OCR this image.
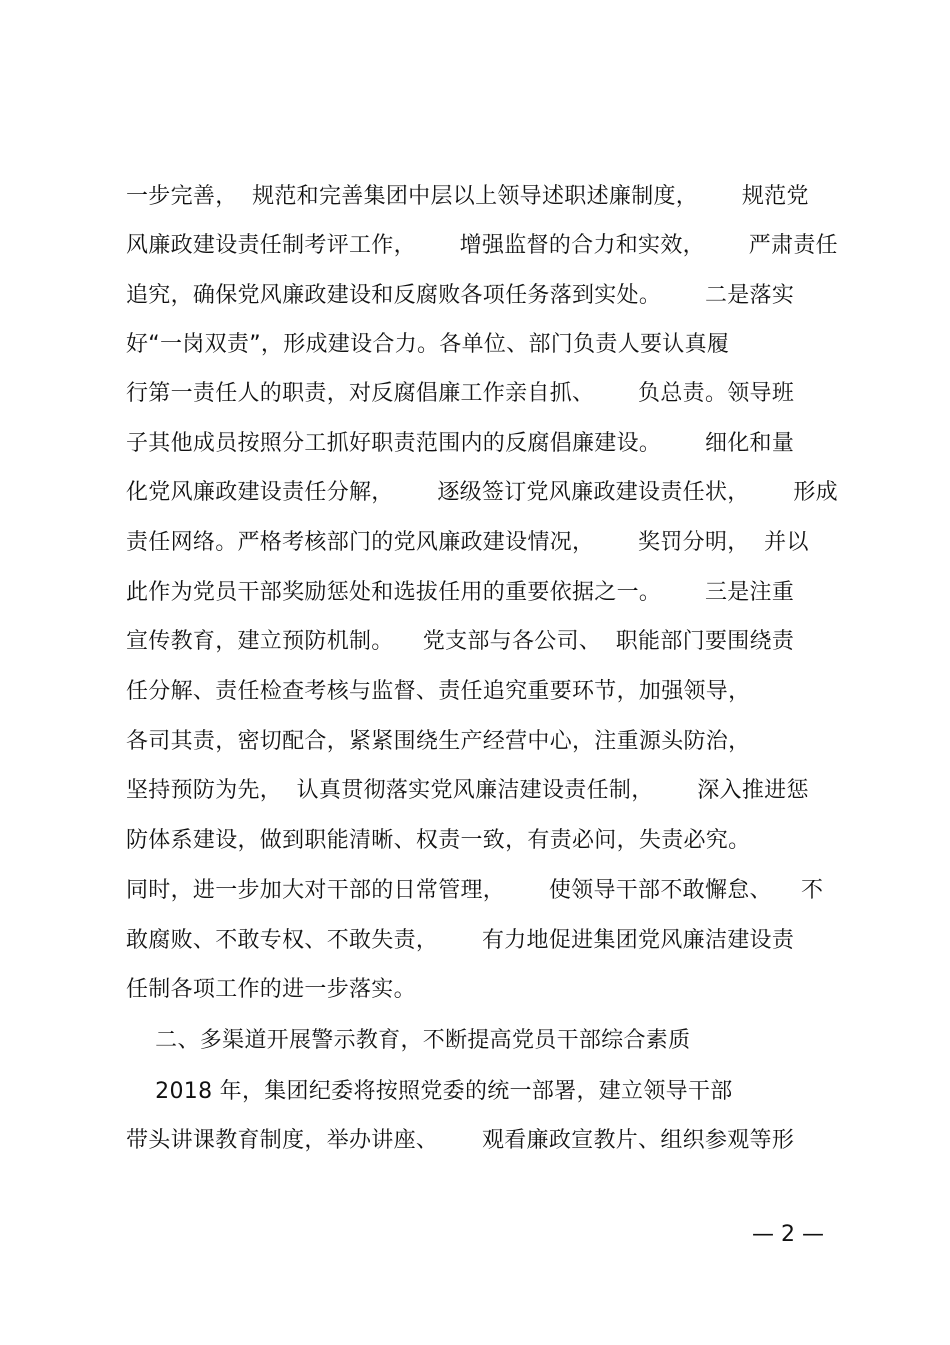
一步完善，  规范和完善集团中层以上领导述职述廉制度，      规范党
风廉政建设责任制考评工作，      增强监督的合力和实效，      严肃责任
追究，确保党风廉政建设和反腐败各项任务落到实处。      二是落实
好“一岗双责”，形成建设合力。各单位、部门负责人要认真履
行第一责任人的职责，对反腐倡廉工作亲自抓、      负总责。领导班
子其他成员按照分工抓好职责范围内的反腐倡廉建设。      细化和量
化党风廉政建设责任分解，      逐级签订党风廉政建设责任状，      形成
责任网络。严格考核部门的党风廉政建设情况，      奖罚分明，  并以
此作为党员干部奖励惩处和选拔任用的重要依据之一。      三是注重
宣传教育，建立预防机制。    党支部与各公司、  职能部门要围绕责
任分解、责任检查考核与监督、责任追究重要环节，加强领导，
各司其责，密切配合，紧紧围绕生产经营中心，注重源头防治，
坚持预防为先，  认真贯彻落实党风廉洁建设责任制，      深入推进惩
防体系建设，做到职能清晰、权责一致，有责必问，失责必究。
同时，进一步加大对干部的日常管理，      使领导干部不敢懈怠、    不
敢腐败、不敢专权、不敢失责，      有力地促进集团党风廉洁建设责
任制各项工作的进一步落实。
二、多渠道开展警示教育，不断提高党员干部综合素质
2018 年，集团纪委将按照党委的统一部署，建立领导干部
带头讲课教育制度，举办讲座、      观看廉政宣教片、组织参观等形
— 2 —
